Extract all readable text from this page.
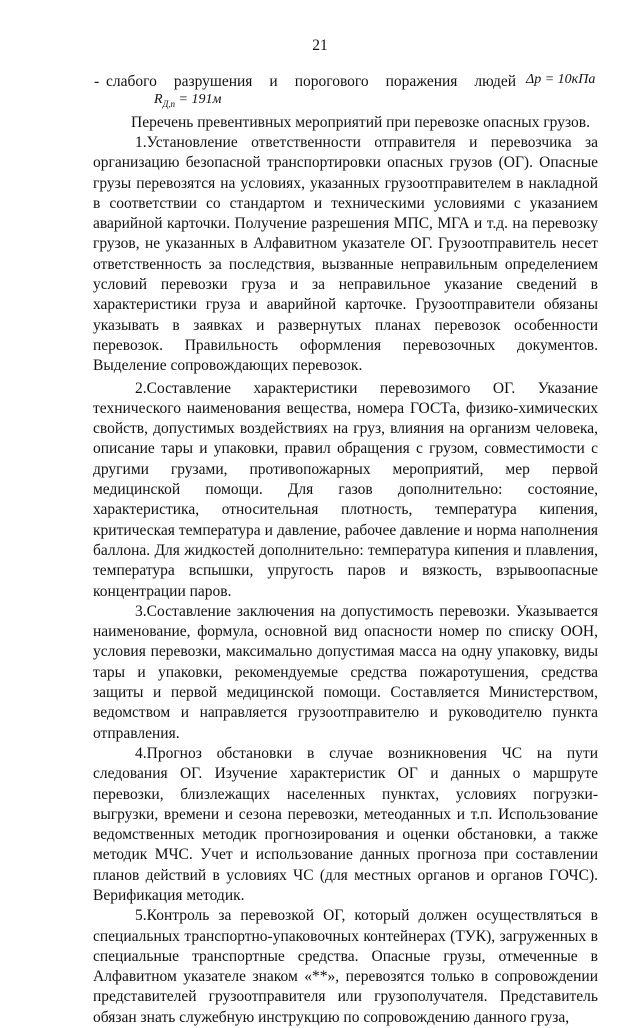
21
- слабого разрушения и порогового поражения людей Δp = 10кПа
$R_{Д,п} = 191м$
Перечень превентивных мероприятий при перевозке опасных грузов.

1.Установление ответственности отправителя и перевозчика за организацию безопасной транспортировки опасных грузов (ОГ). Опасные грузы перевозятся на условиях, указанных грузоотправителем в накладной в соответствии со стандартом и техническими условиями с указанием аварийной карточки. Получение разрешения МПС, МГА и т.д. на перевозку грузов, не указанных в Алфавитном указателе ОГ. Грузоотправитель несет ответственность за последствия, вызванные неправильным определением условий перевозки груза и за неправильное указание сведений в характеристики груза и аварийной карточке. Грузоотправители обязаны указывать в заявках и развернутых планах перевозок особенности перевозок. Правильность оформления перевозочных документов. Выделение сопровождающих перевозок.

2.Составление характеристики перевозимого ОГ. Указание технического наименования вещества, номера ГОСТа, физико-химических свойств, допустимых воздействиях на груз, влияния на организм человека, описание тары и упаковки, правил обращения с грузом, совместимости с другими грузами, противопожарных мероприятий, мер первой медицинской помощи. Для газов дополнительно: состояние, характеристика, относительная плотность, температура кипения, критическая температура и давление, рабочее давление и норма наполнения баллона. Для жидкостей дополнительно: температура кипения и плавления, температура вспышки, упругость паров и вязкость, взрывоопасные концентрации паров.

3.Составление заключения на допустимость перевозки. Указывается наименование, формула, основной вид опасности номер по списку ООН, условия перевозки, максимально допустимая масса на одну упаковку, виды тары и упаковки, рекомендуемые средства пожаротушения, средства защиты и первой медицинской помощи. Составляется Министерством, ведомством и направляется грузоотправителю и руководителю пункта отправления.

4.Прогноз обстановки в случае возникновения ЧС на пути следования ОГ. Изучение характеристик ОГ и данных о маршруте перевозки, близлежащих населенных пунктах, условиях погрузки-выгрузки, времени и сезона перевозки, метеоданных и т.п. Использование ведомственных методик прогнозирования и оценки обстановки, а также методик МЧС. Учет и использование данных прогноза при составлении планов действий в условиях ЧС (для местных органов и органов ГОЧС). Верификация методик.

5.Контроль за перевозкой ОГ, который должен осуществляться в специальных транспортно-упаковочных контейнерах (ТУК), загруженных в специальные транспортные средства. Опасные грузы, отмеченные в Алфавитном указателе знаком «**», перевозятся только в сопровождении представителей грузоотправителя или грузополучателя. Представитель обязан знать служебную инструкцию по сопровождению данного груза,
